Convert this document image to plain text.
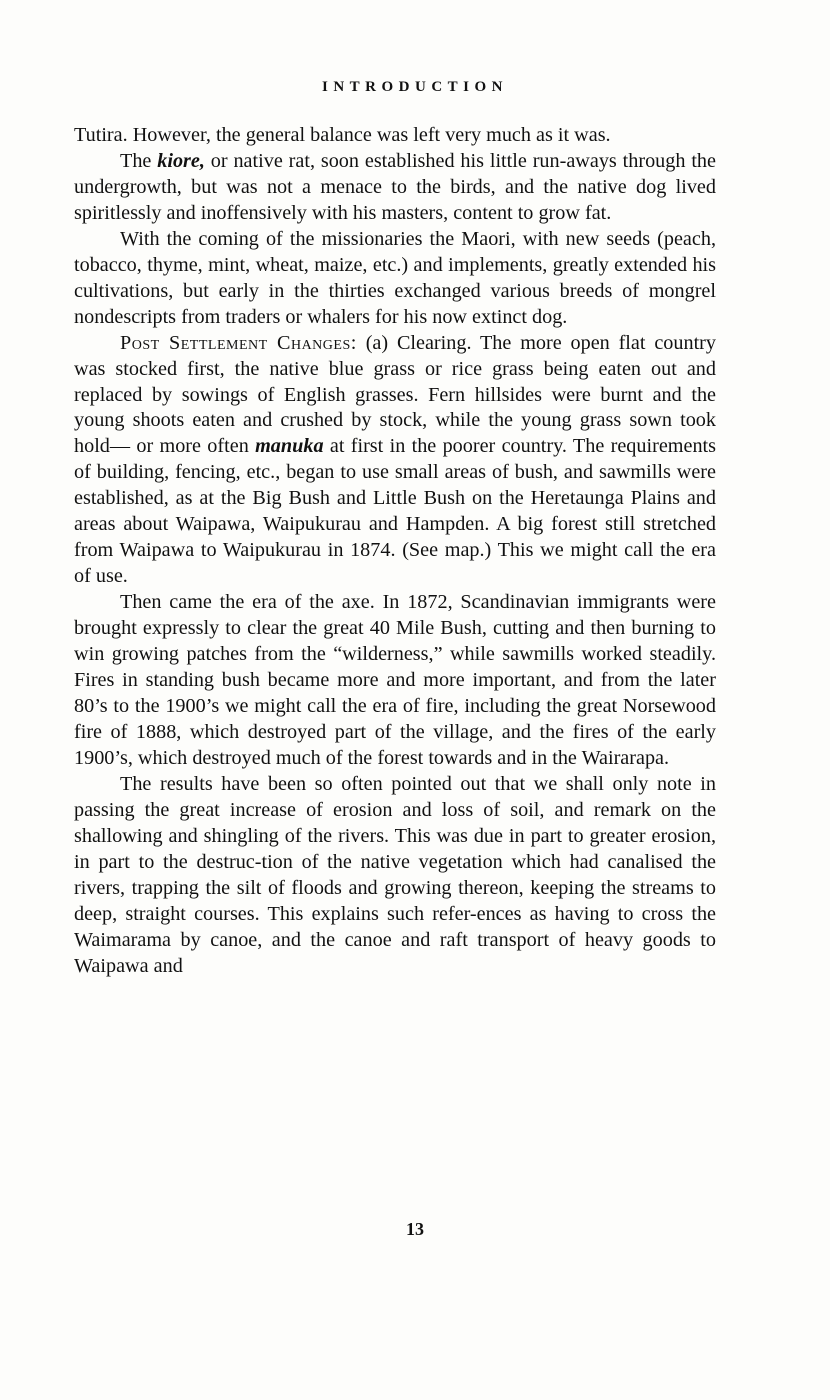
INTRODUCTION

Tutira. However, the general balance was left very much as it was.

The kiore, or native rat, soon established his little run-aways through the undergrowth, but was not a menace to the birds, and the native dog lived spiritlessly and inoffensively with his masters, content to grow fat.

With the coming of the missionaries the Maori, with new seeds (peach, tobacco, thyme, mint, wheat, maize, etc.) and implements, greatly extended his cultivations, but early in the thirties exchanged various breeds of mongrel nondescripts from traders or whalers for his now extinct dog.

Post Settlement Changes: (a) Clearing. The more open flat country was stocked first, the native blue grass or rice grass being eaten out and replaced by sowings of English grasses. Fern hillsides were burnt and the young shoots eaten and crushed by stock, while the young grass sown took hold— or more often manuka at first in the poorer country. The requirements of building, fencing, etc., began to use small areas of bush, and sawmills were established, as at the Big Bush and Little Bush on the Heretaunga Plains and areas about Waipawa, Waipukurau and Hampden. A big forest still stretched from Waipawa to Waipukurau in 1874. (See map.) This we might call the era of use.

Then came the era of the axe. In 1872, Scandinavian immigrants were brought expressly to clear the great 40 Mile Bush, cutting and then burning to win growing patches from the “wilderness,” while sawmills worked steadily. Fires in standing bush became more and more important, and from the later 80’s to the 1900’s we might call the era of fire, including the great Norsewood fire of 1888, which destroyed part of the village, and the fires of the early 1900’s, which destroyed much of the forest towards and in the Wairarapa.

The results have been so often pointed out that we shall only note in passing the great increase of erosion and loss of soil, and remark on the shallowing and shingling of the rivers. This was due in part to greater erosion, in part to the destruc-tion of the native vegetation which had canalised the rivers, trapping the silt of floods and growing thereon, keeping the streams to deep, straight courses. This explains such refer-ences as having to cross the Waimarama by canoe, and the canoe and raft transport of heavy goods to Waipawa and

13
